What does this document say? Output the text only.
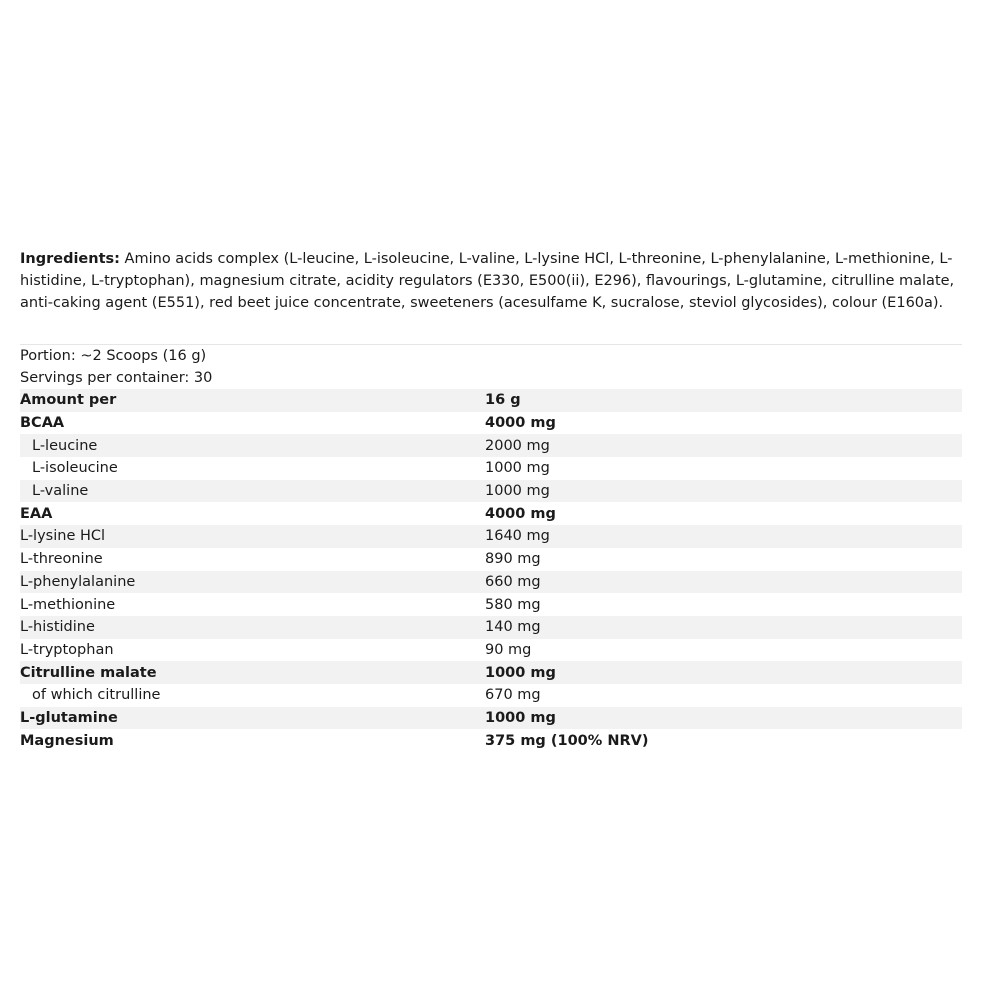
Ingredients: Amino acids complex (L-leucine, L-isoleucine, L-valine, L-lysine HCl, L-threonine, L-phenylalanine, L-methionine, L-histidine, L-tryptophan), magnesium citrate, acidity regulators (E330, E500(ii), E296), flavourings, L-glutamine, citrulline malate, anti-caking agent (E551), red beet juice concentrate, sweeteners (acesulfame K, sucralose, steviol glycosides), colour (E160a).

Portion: ~2 Scoops (16 g)
Servings per container: 30
Amount per	16 g
BCAA	4000 mg
L-leucine	2000 mg
L-isoleucine	1000 mg
L-valine	1000 mg
EAA	4000 mg
L-lysine HCl	1640 mg
L-threonine	890 mg
L-phenylalanine	660 mg
L-methionine	580 mg
L-histidine	140 mg
L-tryptophan	90 mg
Citrulline malate	1000 mg
of which citrulline	670 mg
L-glutamine	1000 mg
Magnesium	375 mg (100% NRV)
